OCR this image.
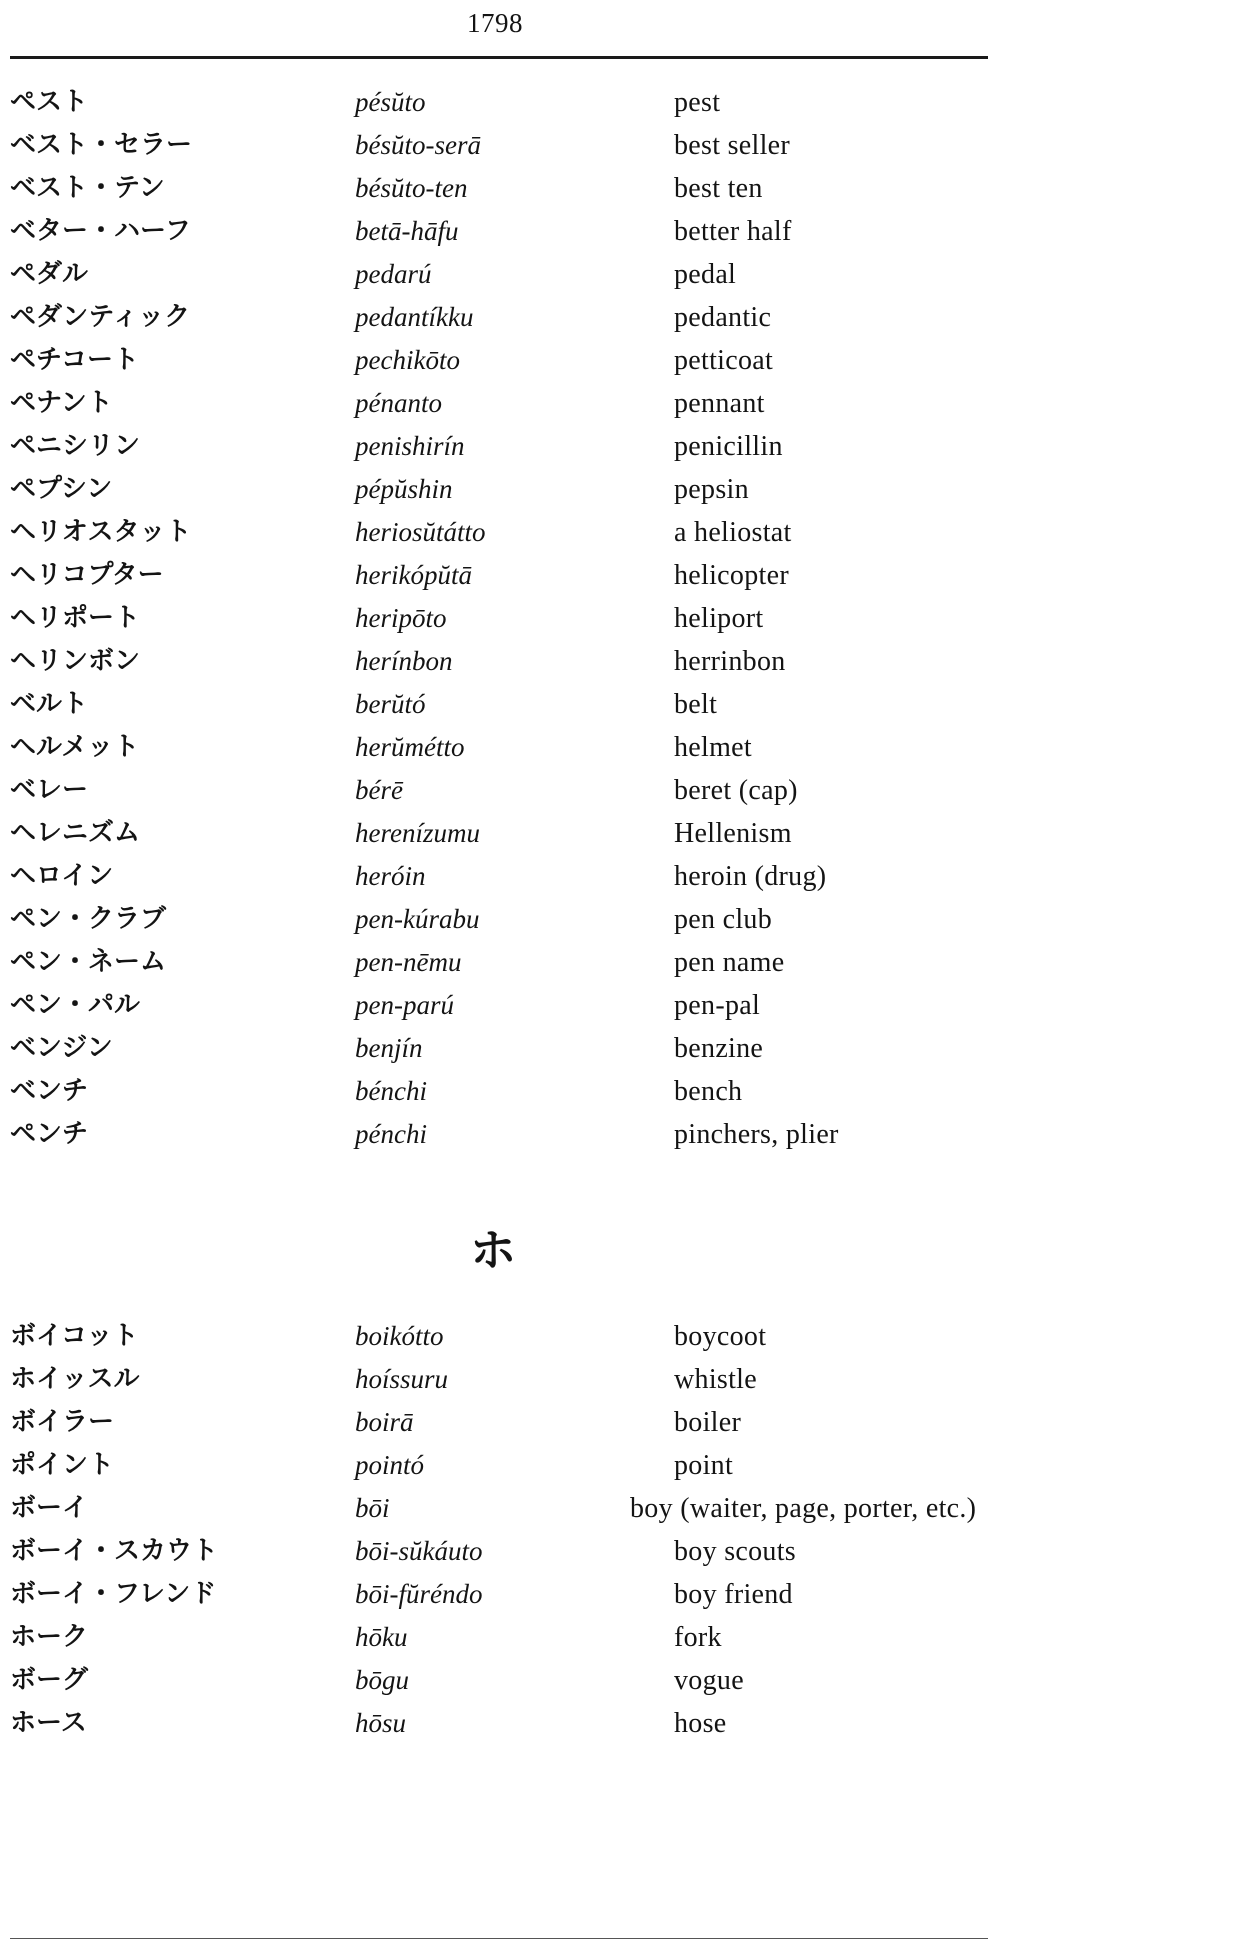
1798
ペスト	pésŭto	pest
ベスト・セラー	bésŭto-serā	best seller
ベスト・テン	bésŭto-ten	best ten
ベター・ハーフ	betā-hāfu	better half
ペダル	pedarú	pedal
ペダンティック	pedantíkku	pedantic
ペチコート	pechikōto	petticoat
ペナント	pénanto	pennant
ペニシリン	penishirín	penicillin
ペプシン	pépŭshin	pepsin
ヘリオスタット	heriosŭtátto	a heliostat
ヘリコプター	herikópŭtā	helicopter
ヘリポート	heripōto	heliport
ヘリンボン	herínbon	herrinbon
ベルト	berŭtó	belt
ヘルメット	herŭmétto	helmet
ベレー	bérē	beret (cap)
ヘレニズム	herenízumu	Hellenism
ヘロイン	heróin	heroin (drug)
ペン・クラブ	pen-kúrabu	pen club
ペン・ネーム	pen-nēmu	pen name
ペン・パル	pen-parú	pen-pal
ベンジン	benjín	benzine
ベンチ	bénchi	bench
ペンチ	pénchi	pinchers, plier
ホ
ボイコット	boikótto	boycoot
ホイッスル	hoíssuru	whistle
ボイラー	boirā	boiler
ポイント	pointó	point
ボーイ	bōi	boy (waiter, page, porter, etc.)
ボーイ・スカウト	bōi-sŭkáuto	boy scouts
ボーイ・フレンド	bōi-fŭréndo	boy friend
ホーク	hōku	fork
ボーグ	bōgu	vogue
ホース	hōsu	hose
